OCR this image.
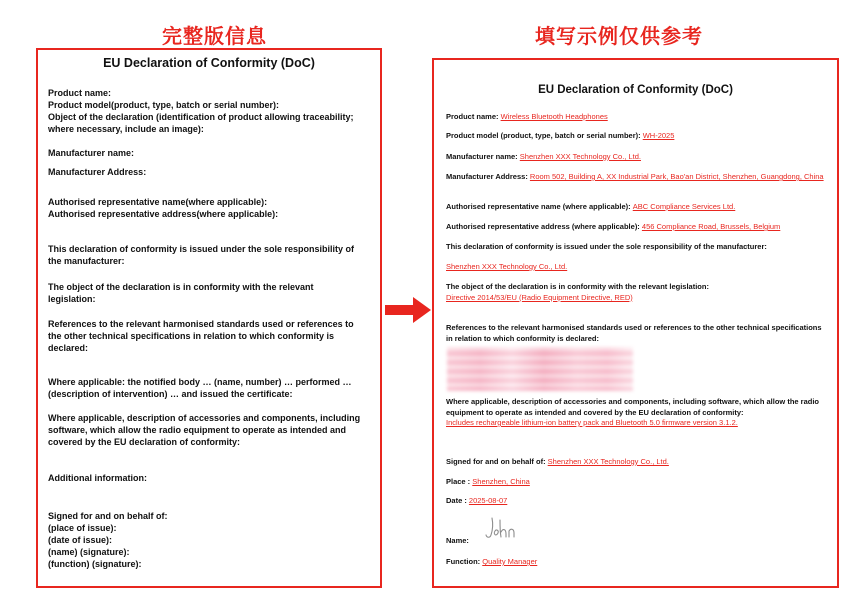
完整版信息	填写示例仅供参考
EU Declaration of Conformity (DoC)
Product name:
Product model(product, type, batch or serial number):
Object of the declaration (identification of product allowing traceability;
where necessary, include an image):
Manufacturer name:
Manufacturer Address:
Authorised representative name(where applicable):
Authorised representative address(where applicable):
This declaration of conformity is issued under the sole responsibility of
the manufacturer:
The object of the declaration is in conformity with the relevant
legislation:
References to the relevant harmonised standards used or references to
the other technical specifications in relation to which conformity is
declared:
Where applicable: the notified body … (name, number) … performed …
(description of intervention) … and issued the certificate:
Where applicable, description of accessories and components, including
software, which allow the radio equipment to operate as intended and
covered by the EU declaration of conformity:
Additional information:
Signed for and on behalf of:
(place of issue):
(date of issue):
(name) (signature):
(function) (signature):
EU Declaration of Conformity (DoC)
Product name: Wireless Bluetooth Headphones
Product model (product, type, batch or serial number): WH-2025
Manufacturer name: Shenzhen XXX Technology Co., Ltd.
Manufacturer Address: Room 502, Building A, XX Industrial Park, Bao'an District, Shenzhen, Guangdong, China
Authorised representative name (where applicable): ABC Compliance Services Ltd.
Authorised representative address (where applicable): 456 Compliance Road, Brussels, Belgium
This declaration of conformity is issued under the sole responsibility of the manufacturer:
Shenzhen XXX Technology Co., Ltd.
The object of the declaration is in conformity with the relevant legislation:
Directive 2014/53/EU (Radio Equipment Directive, RED)
References to the relevant harmonised standards used or references to the other technical specifications in relation to which conformity is declared:
Where applicable, description of accessories and components, including software, which allow the radio equipment to operate as intended and covered by the EU declaration of conformity:
Includes rechargeable lithium-ion battery pack and Bluetooth 5.0 firmware version 3.1.2.
Signed for and on behalf of: Shenzhen XXX Technology Co., Ltd.
Place : Shenzhen, China
Date : 2025-08-07
Name:
Function: Quality Manager
